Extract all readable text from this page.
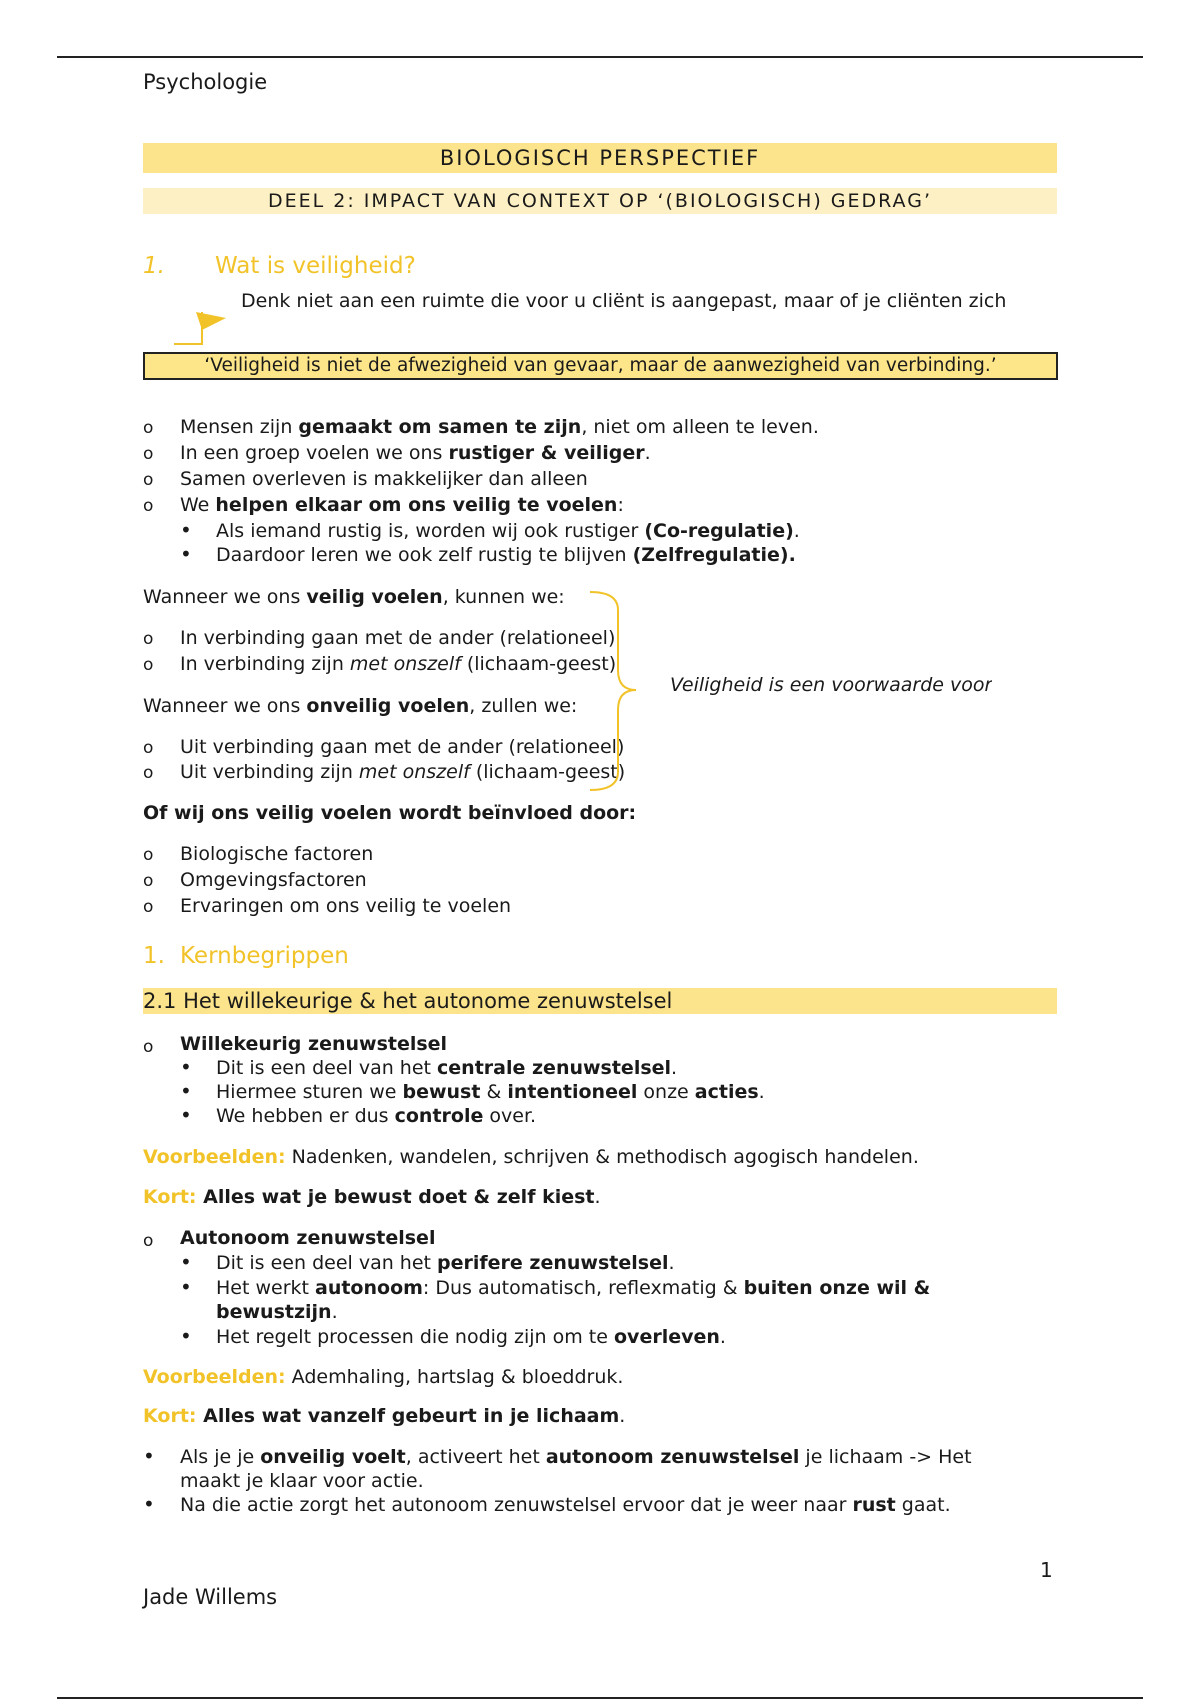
Psychologie
BIOLOGISCH PERSPECTIEF
DEEL 2: IMPACT VAN CONTEXT OP ‘(BIOLOGISCH) GEDRAG’
1. Wat is veiligheid?
Denk niet aan een ruimte die voor u cliënt is aangepast, maar of je cliënten zich
‘Veiligheid is niet de afwezigheid van gevaar, maar de aanwezigheid van verbinding.’
o Mensen zijn gemaakt om samen te zijn, niet om alleen te leven.
o In een groep voelen we ons rustiger & veiliger.
o Samen overleven is makkelijker dan alleen
o We helpen elkaar om ons veilig te voelen:
• Als iemand rustig is, worden wij ook rustiger (Co-regulatie).
• Daardoor leren we ook zelf rustig te blijven (Zelfregulatie).
Wanneer we ons veilig voelen, kunnen we:
o In verbinding gaan met de ander (relationeel)
o In verbinding zijn met onszelf (lichaam-geest)
Wanneer we ons onveilig voelen, zullen we:
o Uit verbinding gaan met de ander (relationeel)
o Uit verbinding zijn met onszelf (lichaam-geest)
Veiligheid is een voorwaarde voor
Of wij ons veilig voelen wordt beïnvloed door:
o Biologische factoren
o Omgevingsfactoren
o Ervaringen om ons veilig te voelen
1. Kernbegrippen
2.1 Het willekeurige & het autonome zenuwstelsel
o Willekeurig zenuwstelsel
• Dit is een deel van het centrale zenuwstelsel.
• Hiermee sturen we bewust & intentioneel onze acties.
• We hebben er dus controle over.
Voorbeelden: Nadenken, wandelen, schrijven & methodisch agogisch handelen.
Kort: Alles wat je bewust doet & zelf kiest.
o Autonoom zenuwstelsel
• Dit is een deel van het perifere zenuwstelsel.
• Het werkt autonoom: Dus automatisch, reflexmatig & buiten onze wil &
bewustzijn.
• Het regelt processen die nodig zijn om te overleven.
Voorbeelden: Ademhaling, hartslag & bloeddruk.
Kort: Alles wat vanzelf gebeurt in je lichaam.
• Als je je onveilig voelt, activeert het autonoom zenuwstelsel je lichaam -> Het
maakt je klaar voor actie.
• Na die actie zorgt het autonoom zenuwstelsel ervoor dat je weer naar rust gaat.
1
Jade Willems
